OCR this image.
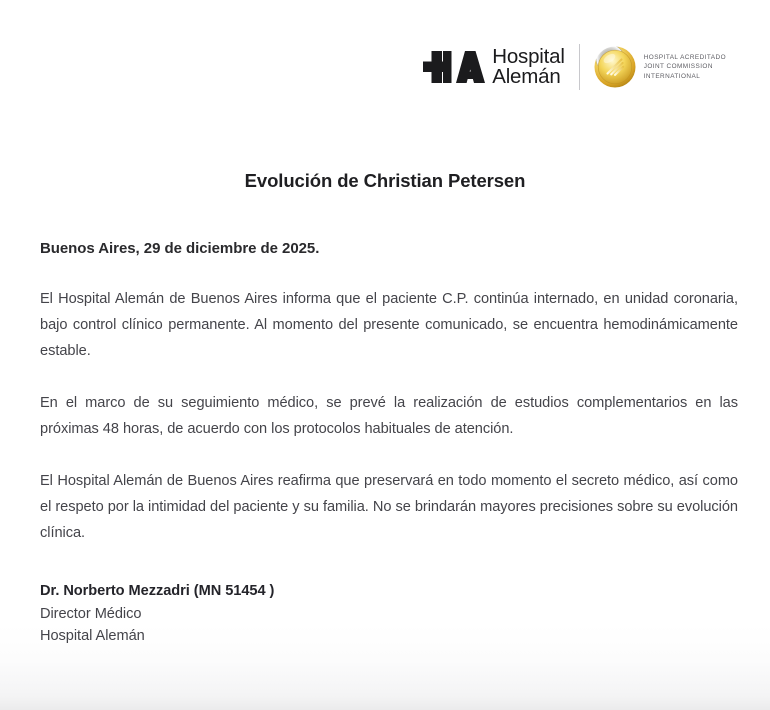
Hospital
Alemán
HOSPITAL ACREDITADO
JOINT COMMISSION
INTERNATIONAL
Evolución de Christian Petersen

Buenos Aires, 29 de diciembre de 2025.

El Hospital Alemán de Buenos Aires informa que el paciente C.P. continúa internado, en unidad coronaria, bajo control clínico permanente. Al momento del presente comunicado, se encuentra hemodinámicamente estable.

En el marco de su seguimiento médico, se prevé la realización de estudios complementarios en las próximas 48 horas, de acuerdo con los protocolos habituales de atención.

El Hospital Alemán de Buenos Aires reafirma que preservará en todo momento el secreto médico, así como el respeto por la intimidad del paciente y su familia. No se brindarán mayores precisiones sobre su evolución clínica.

Dr. Norberto Mezzadri (MN 51454 )
Director Médico
Hospital Alemán
